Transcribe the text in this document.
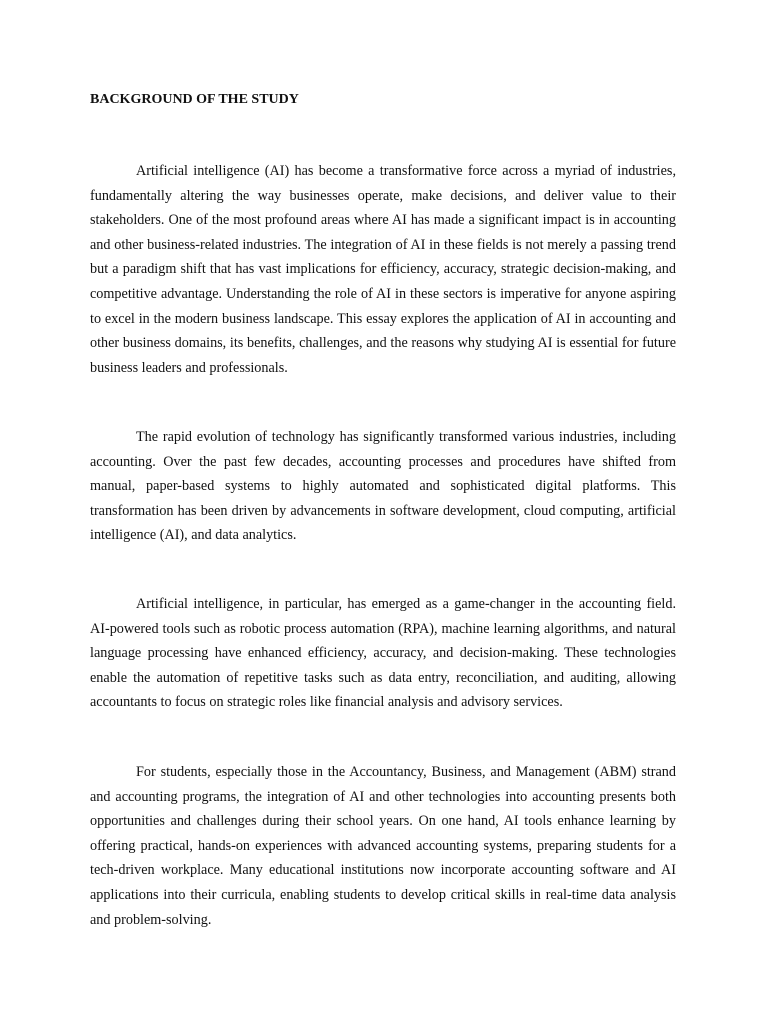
BACKGROUND OF THE STUDY

Artificial intelligence (AI) has become a transformative force across a myriad of industries, fundamentally altering the way businesses operate, make decisions, and deliver value to their stakeholders. One of the most profound areas where AI has made a significant impact is in accounting and other business-related industries. The integration of AI in these fields is not merely a passing trend but a paradigm shift that has vast implications for efficiency, accuracy, strategic decision-making, and competitive advantage. Understanding the role of AI in these sectors is imperative for anyone aspiring to excel in the modern business landscape. This essay explores the application of AI in accounting and other business domains, its benefits, challenges, and the reasons why studying AI is essential for future business leaders and professionals.

The rapid evolution of technology has significantly transformed various industries, including accounting. Over the past few decades, accounting processes and procedures have shifted from manual, paper-based systems to highly automated and sophisticated digital platforms. This transformation has been driven by advancements in software development, cloud computing, artificial intelligence (AI), and data analytics.

Artificial intelligence, in particular, has emerged as a game-changer in the accounting field. AI-powered tools such as robotic process automation (RPA), machine learning algorithms, and natural language processing have enhanced efficiency, accuracy, and decision-making. These technologies enable the automation of repetitive tasks such as data entry, reconciliation, and auditing, allowing accountants to focus on strategic roles like financial analysis and advisory services.

For students, especially those in the Accountancy, Business, and Management (ABM) strand and accounting programs, the integration of AI and other technologies into accounting presents both opportunities and challenges during their school years. On one hand, AI tools enhance learning by offering practical, hands-on experiences with advanced accounting systems, preparing students for a tech-driven workplace. Many educational institutions now incorporate accounting software and AI applications into their curricula, enabling students to develop critical skills in real-time data analysis and problem-solving.
